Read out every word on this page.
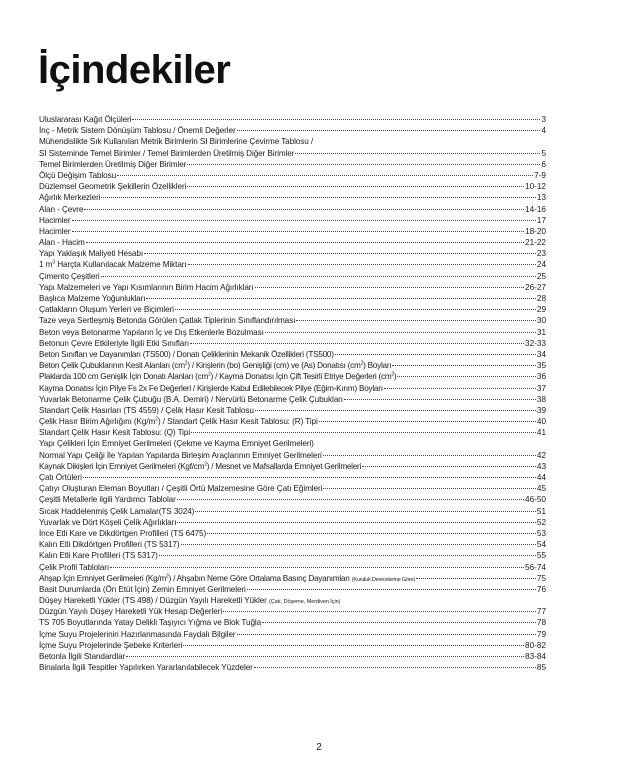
İçindekiler
Uluslararası Kağıt Ölçüleri	3
İnç - Metrik Sistem Dönüşüm Tablosu / Önemli Değerler	4
Mühendislikte Sık Kullanılan Metrik Birimlerin SI Birimlerine Çevirme Tablosu /
SI Sisteminde Temel Birimler / Temel Birimlerden Üretilmiş Diğer Birimler	5
Temel Birimlerden Üretilmiş Diğer Birimler	6
Ölçü Değişim Tablosu	7-9
Düzlemsel Geometrik Şekillerin Özellikleri	10-12
Ağırlık Merkezleri	13
Alan - Çevre	14-16
Hacimler	17
Hacimler	18-20
Alan - Hacim	21-22
Yapı Yaklaşık Maliyeti Hesabı	23
1 $m^3$ Harçta Kullanılacak Malzeme Miktarı	24
Çimento Çeşitleri	25
Yapı Malzemeleri ve Yapı Kısımlarının Birim Hacim Ağırlıkları	26-27
Başlıca Malzeme Yoğunlukları	28
Çatlakların Oluşum Yerleri ve Biçimleri	29
Taze veya Sertleşmiş Betonda Görülen Çatlak Tiplerinin Sınıflandırılması	30
Beton veya Betonarme Yapıların İç ve Dış Etkenlerle Bozulması	31
Betonun Çevre Etkileriyle İlgili Etki Sınıfları	32-33
Beton Sınıfları ve Dayanımları (TS500) / Donatı Çeliklerinin Mekanik Özellikleri (TS500)	34
Beton Çelik Çubuklarının Kesit Alanları $(cm^2)$ / Kirişlerin (bo) Genişliği (cm) ve (As) Donatısı $(cm^2)$ Boyları	35
Plaklarda 100 cm Genişlik İçin Donatı Alanları $(cm^2)$ / Kayma Donatısı İçin Çift Tesirli Etriye Değerleri $(cm^2)$	36
Kayma Donatısı İçin Pilye Fs 2x Fe Değerleri / Kirişlerde Kabul Edilebilecek Pilye (Eğim-Kırım) Boyları	37
Yuvarlak Betonarme Çelik Çubuğu (B.A. Demiri) / Nervürlü Betonarme Çelik Çubukları	38
Standart Çelik Hasırları (TS 4559) / Çelik Hasır Kesit Tablosu	39
Çelik Hasır Birim Ağırlığını $(Kg/m^2)$ / Standart Çelik Hasır Kesit Tablosu: (R) Tipi	40
Standart Çelik Hasır Kesit Tablosu: (Q) Tipi	41
Yapı Çelikleri İçin Emniyet Gerilmeleri (Çekme ve Kayma Emniyet Gerilmeleri)
Normal Yapı Çeliği İle Yapılan Yapılarda Birleşim Araçlarının Emniyet Gerilmeleri	42
Kaynak Dikişleri İçin Emniyet Gerilmeleri $(Kgf/cm^2)$ / Mesnet ve Mafsallarda Emniyet Gerilmeleri	43
Çatı Örtüleri	44
Çatıyı Oluşturan Eleman Boyutları / Çeşitli Örtü Malzemesine Göre Çatı Eğimleri	45
Çeşitli Metallerle ilgili Yardımcı Tablolar	46-50
Sıcak Haddelenmiş Çelik Lamalar(TS 3024)	51
Yuvarlak ve Dört Köşeli Çelik Ağırlıkları	52
İnce Etli Kare ve Dikdörtgen Profilleri (TS 6475)	53
Kalın Etli Dikdörtgen Profilleri (TS 5317)	54
Kalın Etli Kare Profilleri (TS 5317)	55
Çelik Profil Tabloları	56-74
Ahşap İçin Emniyet Gerilmeleri $(Kg/m^2)$ / Ahşabın Neme Göre Ortalama Basınç Dayanımları (Kuruluk Derecelerine Göre)	75
Basit Durumlarda (Ön Etüt İçin) Zemin Emniyet Gerilmeleri	76
Düşey Hareketli Yükler (TS 498) / Düzgün Yayılı Hareketli Yükler (Çatı, Döşeme, Merdiven İçin)
Düzgün Yayılı Düşey Hareketli Yük Hesap Değerleri	77
TS 705 Boyutlarında Yatay Delikli Taşıyıcı Yığma ve Blok Tuğla	78
İçme Suyu Projelerinin Hazırlanmasında Faydalı Bilgiler	79
İçme Suyu Projelerinde Şebeke Kriterleri	80-82
Betonla İlgili Standardlar	83-84
Binalarla İlgili Tespitler Yapılırken Yararlanılabilecek Yüzdeler	85
2
